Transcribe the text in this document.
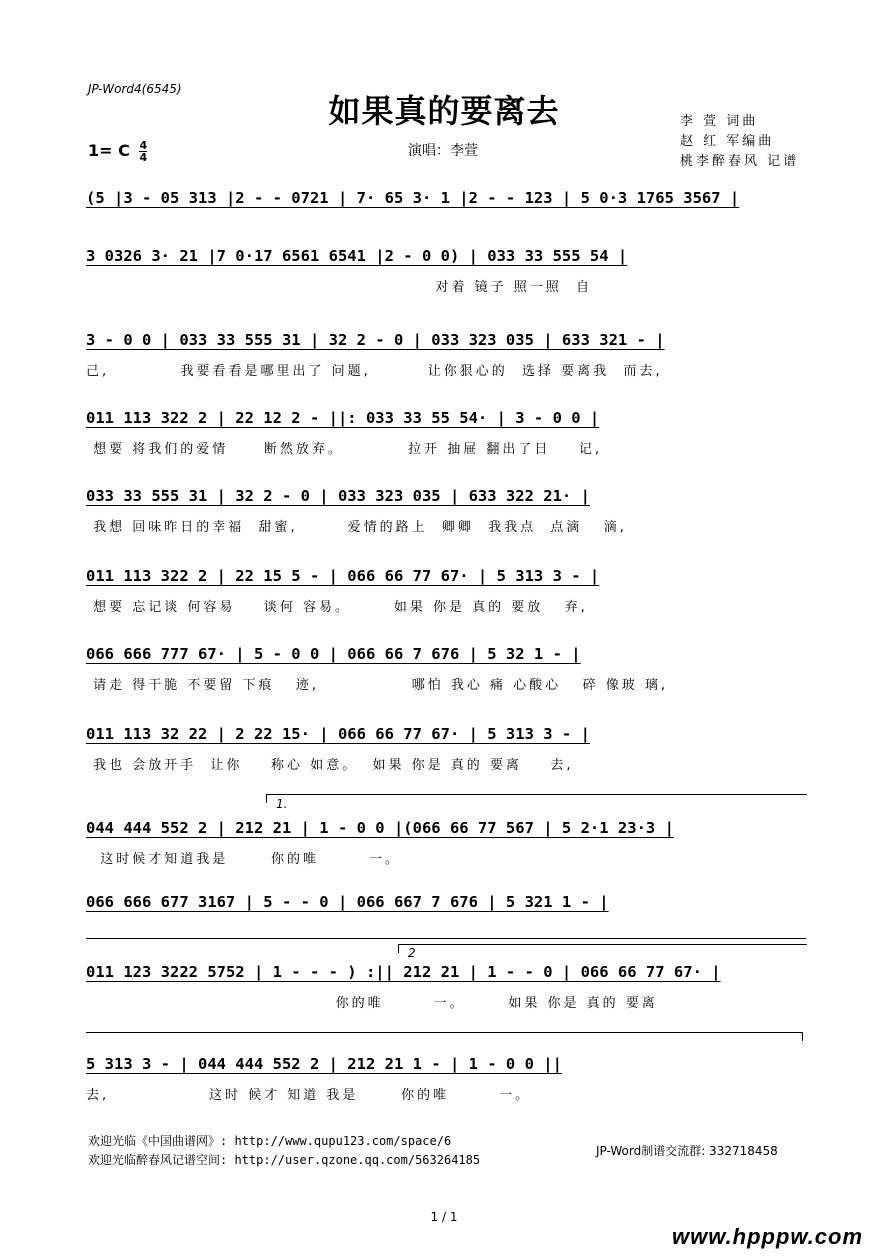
JP-Word4(6545)
如果真的要离去	李 萱 词曲
赵 红 军编曲
桃李醉春风 记谱
1= C $\frac{4}{4}$	演唱：李萱
(5 |3 - 05 313 |2 - - 0721 | 7· 65 3· 1 |2 - - 123 | 5 0·3 1765 3567 |
3 0326 3· 21 |7 0·17 6561 6541 |2 - 0 0) | 033 33 555 54 |
对着 镜子 照一照  自
3 - 0 0 | 033 33 555 31 | 32 2 - 0 | 033 323 035 | 633 321 - |
己,          我要看看是哪里出了 问题,        让你狠心的  选择 要离我  而去,
011 113 322 2 | 22 12 2 - ||: 033 33 55 54· | 3 - 0 0 |
想要 将我们的爱情     断然放弃。         拉开 抽屉 翻出了日    记,
033 33 555 31 | 32 2 - 0 | 033 323 035 | 633 322 21· |
我想 回味昨日的幸福  甜蜜,       爱情的路上  卿卿  我我点  点滴   滴,
011 113 322 2 | 22 15 5 - | 066 66 77 67· | 5 313 3 - |
想要 忘记谈 何容易    谈何 容易。      如果 你是 真的 要放   弃,
066 666 777 67· | 5 - 0 0 | 066 66 7 676 | 5 32 1 - |
请走 得干脆 不要留 下痕   迹,             哪怕 我心 痛 心酸心   碎 像玻 璃,
011 113 32 22 | 2 22 15· | 066 66 77 67· | 5 313 3 - |
我也 会放开手  让你    称心 如意。  如果 你是 真的 要离    去,
1.
044 444 552 2 | 212 21 | 1 - 0 0 |(066 66 77 567 | 5 2·1 23·3 |
这时候才知道我是      你的唯       一。
066 666 677 3167 | 5 - - 0 | 066 667 7 676 | 5 321 1 - |
2
011 123 3222 5752 | 1 - - - ) :|| 212 21 | 1 - - 0 | 066 66 77 67· |
你的唯       一。      如果 你是 真的 要离
5 313 3 - | 044 444 552 2 | 212 21 1 - | 1 - 0 0 ||
去,              这时 候才 知道 我是      你的唯       一。
欢迎光临《中国曲谱网》: http://www.qupu123.com/space/6
欢迎光临醉春风记谱空间: http://user.qzone.qq.com/563264185
JP-Word制谱交流群: 332718458
1 / 1
www.hpppw.com
